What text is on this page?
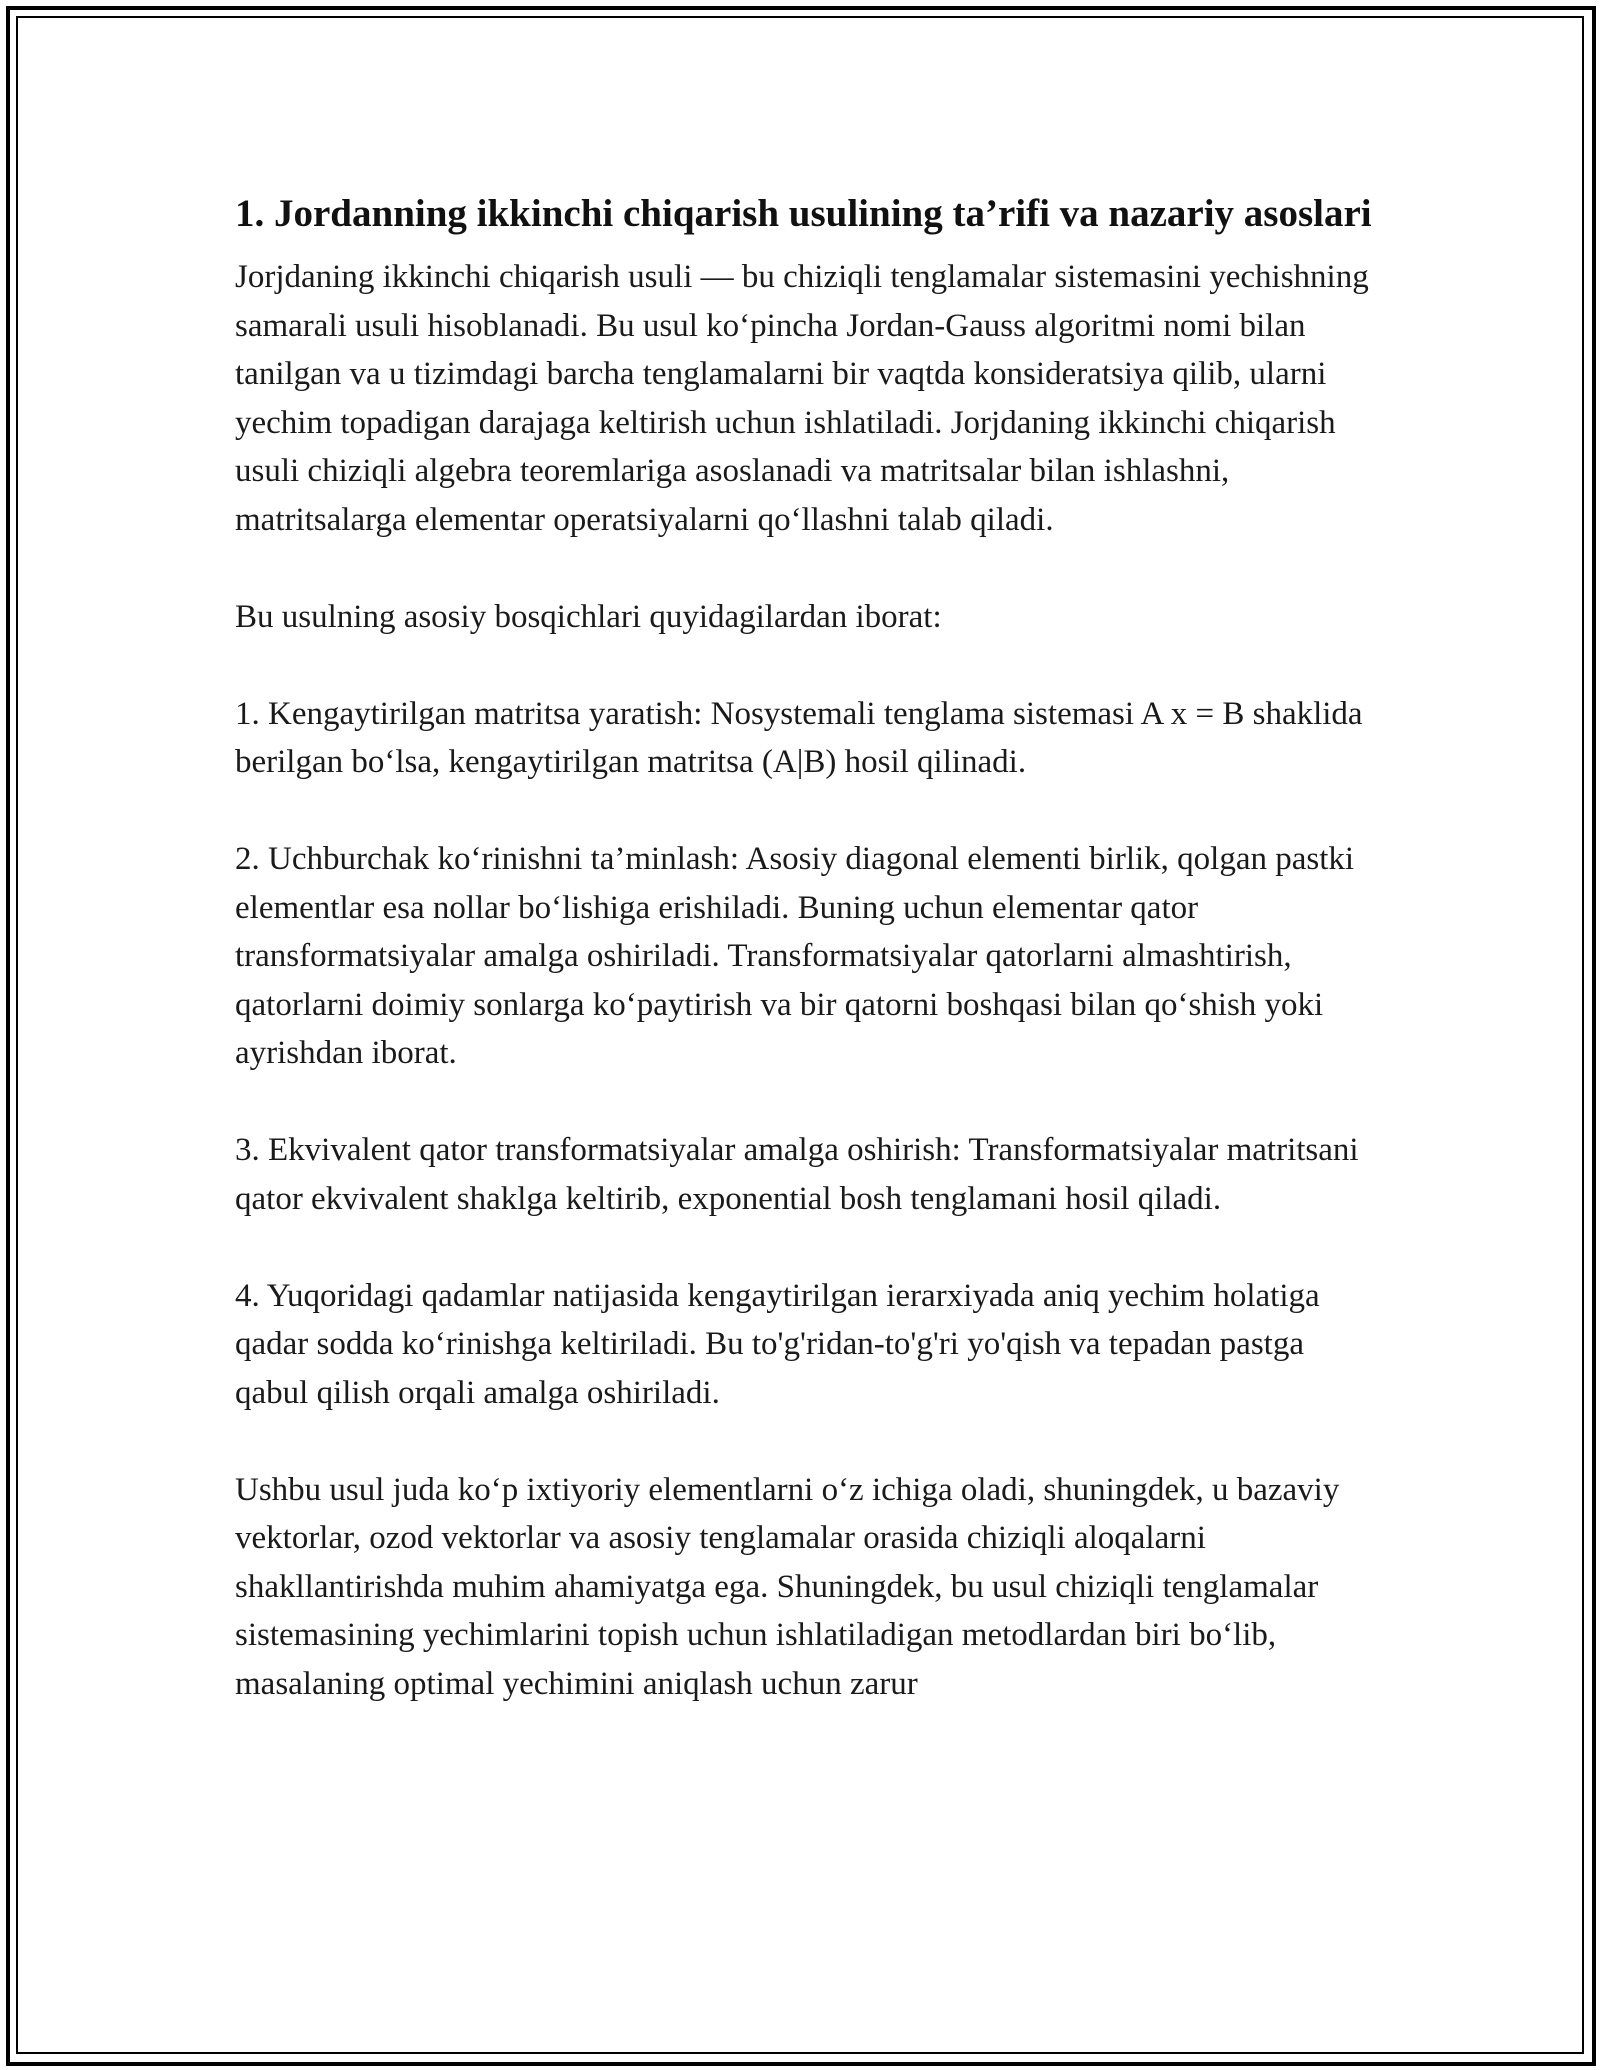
1. Jordanning ikkinchi chiqarish usulining ta’rifi va nazariy asoslari

Jorjdaning ikkinchi chiqarish usuli — bu chiziqli tenglamalar sistemasini yechishning samarali usuli hisoblanadi. Bu usul ko‘pincha Jordan-Gauss algoritmi nomi bilan tanilgan va u tizimdagi barcha tenglamalarni bir vaqtda konsideratsiya qilib, ularni yechim topadigan darajaga keltirish uchun ishlatiladi. Jorjdaning ikkinchi chiqarish usuli chiziqli algebra teoremlariga asoslanadi va matritsalar bilan ishlashni, matritsalarga elementar operatsiyalarni qo‘llashni talab qiladi.

Bu usulning asosiy bosqichlari quyidagilardan iborat:

1. Kengaytirilgan matritsa yaratish: Nosystemali tenglama sistemasi A x = B shaklida berilgan bo‘lsa, kengaytirilgan matritsa (A|B) hosil qilinadi.

2. Uchburchak ko‘rinishni ta’minlash: Asosiy diagonal elementi birlik, qolgan pastki elementlar esa nollar bo‘lishiga erishiladi. Buning uchun elementar qator transformatsiyalar amalga oshiriladi. Transformatsiyalar qatorlarni almashtirish, qatorlarni doimiy sonlarga ko‘paytirish va bir qatorni boshqasi bilan qo‘shish yoki ayrishdan iborat.

3. Ekvivalent qator transformatsiyalar amalga oshirish: Transformatsiyalar matritsani qator ekvivalent shaklga keltirib, exponential bosh tenglamani hosil qiladi.

4. Yuqoridagi qadamlar natijasida kengaytirilgan ierarxiyada aniq yechim holatiga qadar sodda ko‘rinishga keltiriladi. Bu to'g'ridan-to'g'ri yo'qish va tepadan pastga qabul qilish orqali amalga oshiriladi.

Ushbu usul juda ko‘p ixtiyoriy elementlarni o‘z ichiga oladi, shuningdek, u bazaviy vektorlar, ozod vektorlar va asosiy tenglamalar orasida chiziqli aloqalarni shakllantirishda muhim ahamiyatga ega. Shuningdek, bu usul chiziqli tenglamalar sistemasining yechimlarini topish uchun ishlatiladigan metodlardan biri bo‘lib, masalaning optimal yechimini aniqlash uchun zarur
